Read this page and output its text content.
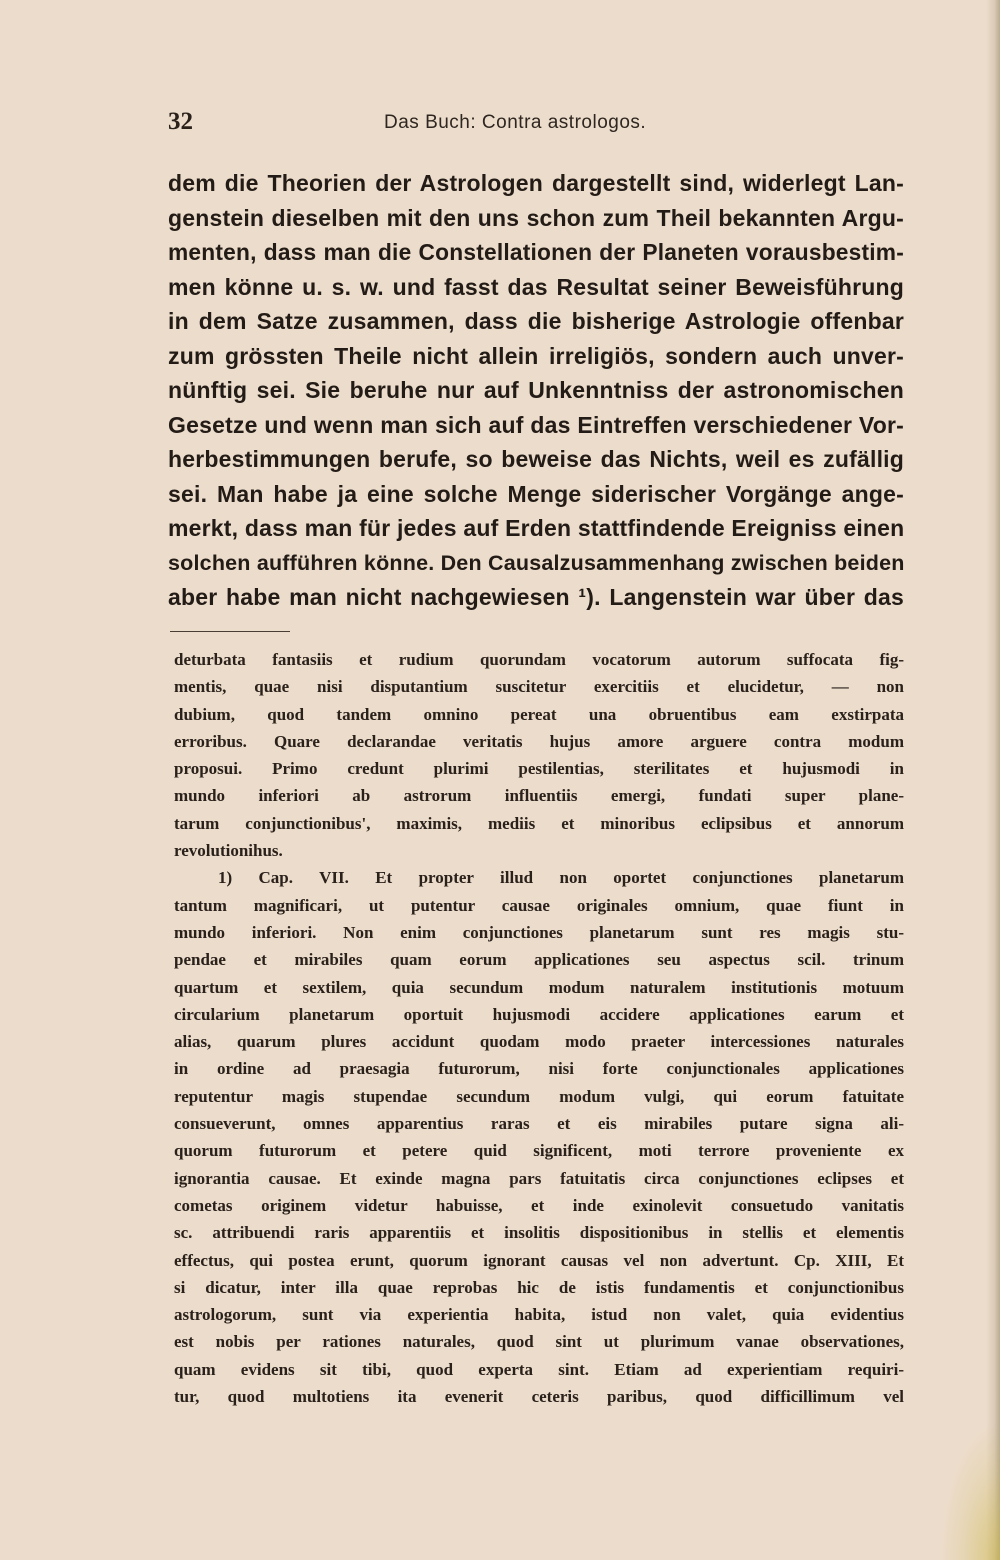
32	Das Buch: Contra astrologos.
dem die Theorien der Astrologen dargestellt sind, widerlegt Lan-
genstein dieselben mit den uns schon zum Theil bekannten Argu-
menten, dass man die Constellationen der Planeten vorausbestim-
men könne u. s. w. und fasst das Resultat seiner Beweisführung
in dem Satze zusammen, dass die bisherige Astrologie offenbar
zum grössten Theile nicht allein irreligiös, sondern auch unver-
nünftig sei. Sie beruhe nur auf Unkenntniss der astronomischen
Gesetze und wenn man sich auf das Eintreffen verschiedener Vor-
herbestimmungen berufe, so beweise das Nichts, weil es zufällig
sei. Man habe ja eine solche Menge siderischer Vorgänge ange-
merkt, dass man für jedes auf Erden stattfindende Ereigniss einen
solchen aufführen könne. Den Causalzusammenhang zwischen beiden
aber habe man nicht nachgewiesen ¹). Langenstein war über das
deturbata fantasiis et rudium quorundam vocatorum autorum suffocata fig-
mentis, quae nisi disputantium suscitetur exercitiis et elucidetur, — non
dubium, quod tandem omnino pereat una obruentibus eam exstirpata
erroribus. Quare declarandae veritatis hujus amore arguere contra modum
proposui. Primo credunt plurimi pestilentias, sterilitates et hujusmodi in
mundo inferiori ab astrorum influentiis emergi, fundati super plane-
tarum conjunctionibus', maximis, mediis et minoribus eclipsibus et annorum
revolutionihus.
1) Cap. VII. Et propter illud non oportet conjunctiones planetarum
tantum magnificari, ut putentur causae originales omnium, quae fiunt in
mundo inferiori. Non enim conjunctiones planetarum sunt res magis stu-
pendae et mirabiles quam eorum applicationes seu aspectus scil. trinum
quartum et sextilem, quia secundum modum naturalem institutionis motuum
circularium planetarum oportuit hujusmodi accidere applicationes earum et
alias, quarum plures accidunt quodam modo praeter intercessiones naturales
in ordine ad praesagia futurorum, nisi forte conjunctionales applicationes
reputentur magis stupendae secundum modum vulgi, qui eorum fatuitate
consueverunt, omnes apparentius raras et eis mirabiles putare signa ali-
quorum futurorum et petere quid significent, moti terrore proveniente ex
ignorantia causae. Et exinde magna pars fatuitatis circa conjunctiones eclipses et
cometas originem videtur habuisse, et inde exinolevit consuetudo vanitatis
sc. attribuendi raris apparentiis et insolitis dispositionibus in stellis et elementis
effectus, qui postea erunt, quorum ignorant causas vel non advertunt. Cp. XIII, Et
si dicatur, inter illa quae reprobas hic de istis fundamentis et conjunctionibus
astrologorum, sunt via experientia habita, istud non valet, quia evidentius
est nobis per rationes naturales, quod sint ut plurimum vanae observationes,
quam evidens sit tibi, quod experta sint. Etiam ad experientiam requiri-
tur, quod multotiens ita evenerit ceteris paribus, quod difficillimum vel
